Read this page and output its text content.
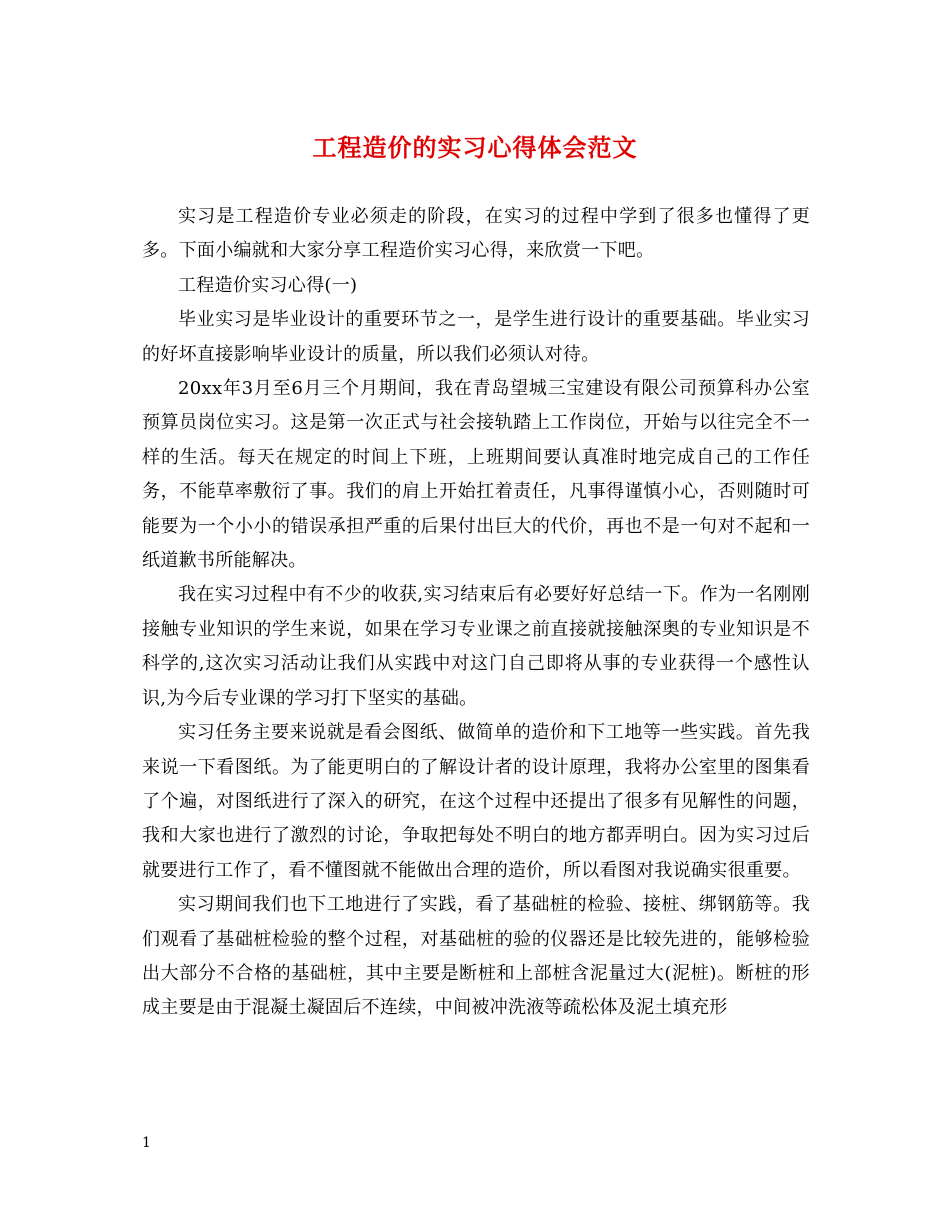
工程造价的实习心得体会范文

实习是工程造价专业必须走的阶段，在实习的过程中学到了很多也懂得了更多。下面小编就和大家分享工程造价实习心得，来欣赏一下吧。

工程造价实习心得(一)

毕业实习是毕业设计的重要环节之一，是学生进行设计的重要基础。毕业实习的好坏直接影响毕业设计的质量，所以我们必须认对待。

20xx年3月至6月三个月期间，我在青岛望城三宝建设有限公司预算科办公室预算员岗位实习。这是第一次正式与社会接轨踏上工作岗位，开始与以往完全不一样的生活。每天在规定的时间上下班，上班期间要认真准时地完成自己的工作任务，不能草率敷衍了事。我们的肩上开始扛着责任，凡事得谨慎小心，否则随时可能要为一个小小的错误承担严重的后果付出巨大的代价，再也不是一句对不起和一纸道歉书所能解决。

我在实习过程中有不少的收获,实习结束后有必要好好总结一下。作为一名刚刚接触专业知识的学生来说，如果在学习专业课之前直接就接触深奥的专业知识是不科学的,这次实习活动让我们从实践中对这门自己即将从事的专业获得一个感性认识,为今后专业课的学习打下坚实的基础。

实习任务主要来说就是看会图纸、做简单的造价和下工地等一些实践。首先我来说一下看图纸。为了能更明白的了解设计者的设计原理，我将办公室里的图集看了个遍，对图纸进行了深入的研究，在这个过程中还提出了很多有见解性的问题，我和大家也进行了激烈的讨论，争取把每处不明白的地方都弄明白。因为实习过后就要进行工作了，看不懂图就不能做出合理的造价，所以看图对我说确实很重要。

实习期间我们也下工地进行了实践，看了基础桩的检验、接桩、绑钢筋等。我们观看了基础桩检验的整个过程，对基础桩的验的仪器还是比较先进的，能够检验出大部分不合格的基础桩，其中主要是断桩和上部桩含泥量过大(泥桩)。断桩的形成主要是由于混凝土凝固后不连续，中间被冲洗液等疏松体及泥土填充形

1
